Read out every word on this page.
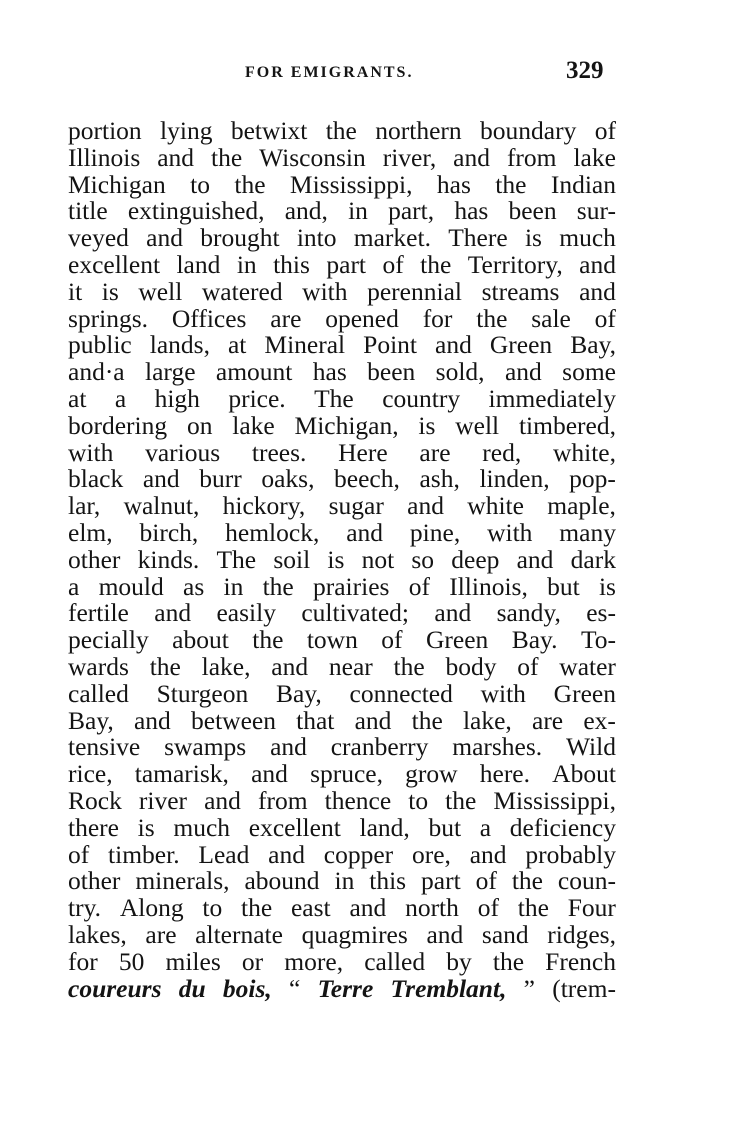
FOR EMIGRANTS.	329
portion lying betwixt the northern boundary of
Illinois and the Wisconsin river, and from lake
Michigan to the Mississippi, has the Indian
title extinguished, and, in part, has been sur-
veyed and brought into market. There is much
excellent land in this part of the Territory, and
it is well watered with perennial streams and
springs. Offices are opened for the sale of
public lands, at Mineral Point and Green Bay,
and·a large amount has been sold, and some
at a high price. The country immediately
bordering on lake Michigan, is well timbered,
with various trees. Here are red, white,
black and burr oaks, beech, ash, linden, pop-
lar, walnut, hickory, sugar and white maple,
elm, birch, hemlock, and pine, with many
other kinds. The soil is not so deep and dark
a mould as in the prairies of Illinois, but is
fertile and easily cultivated; and sandy, es-
pecially about the town of Green Bay. To-
wards the lake, and near the body of water
called Sturgeon Bay, connected with Green
Bay, and between that and the lake, are ex-
tensive swamps and cranberry marshes. Wild
rice, tamarisk, and spruce, grow here. About
Rock river and from thence to the Mississippi,
there is much excellent land, but a deficiency
of timber. Lead and copper ore, and probably
other minerals, abound in this part of the coun-
try. Along to the east and north of the Four
lakes, are alternate quagmires and sand ridges,
for 50 miles or more, called by the French
coureurs du bois, “ Terre Tremblant, ” (trem-
